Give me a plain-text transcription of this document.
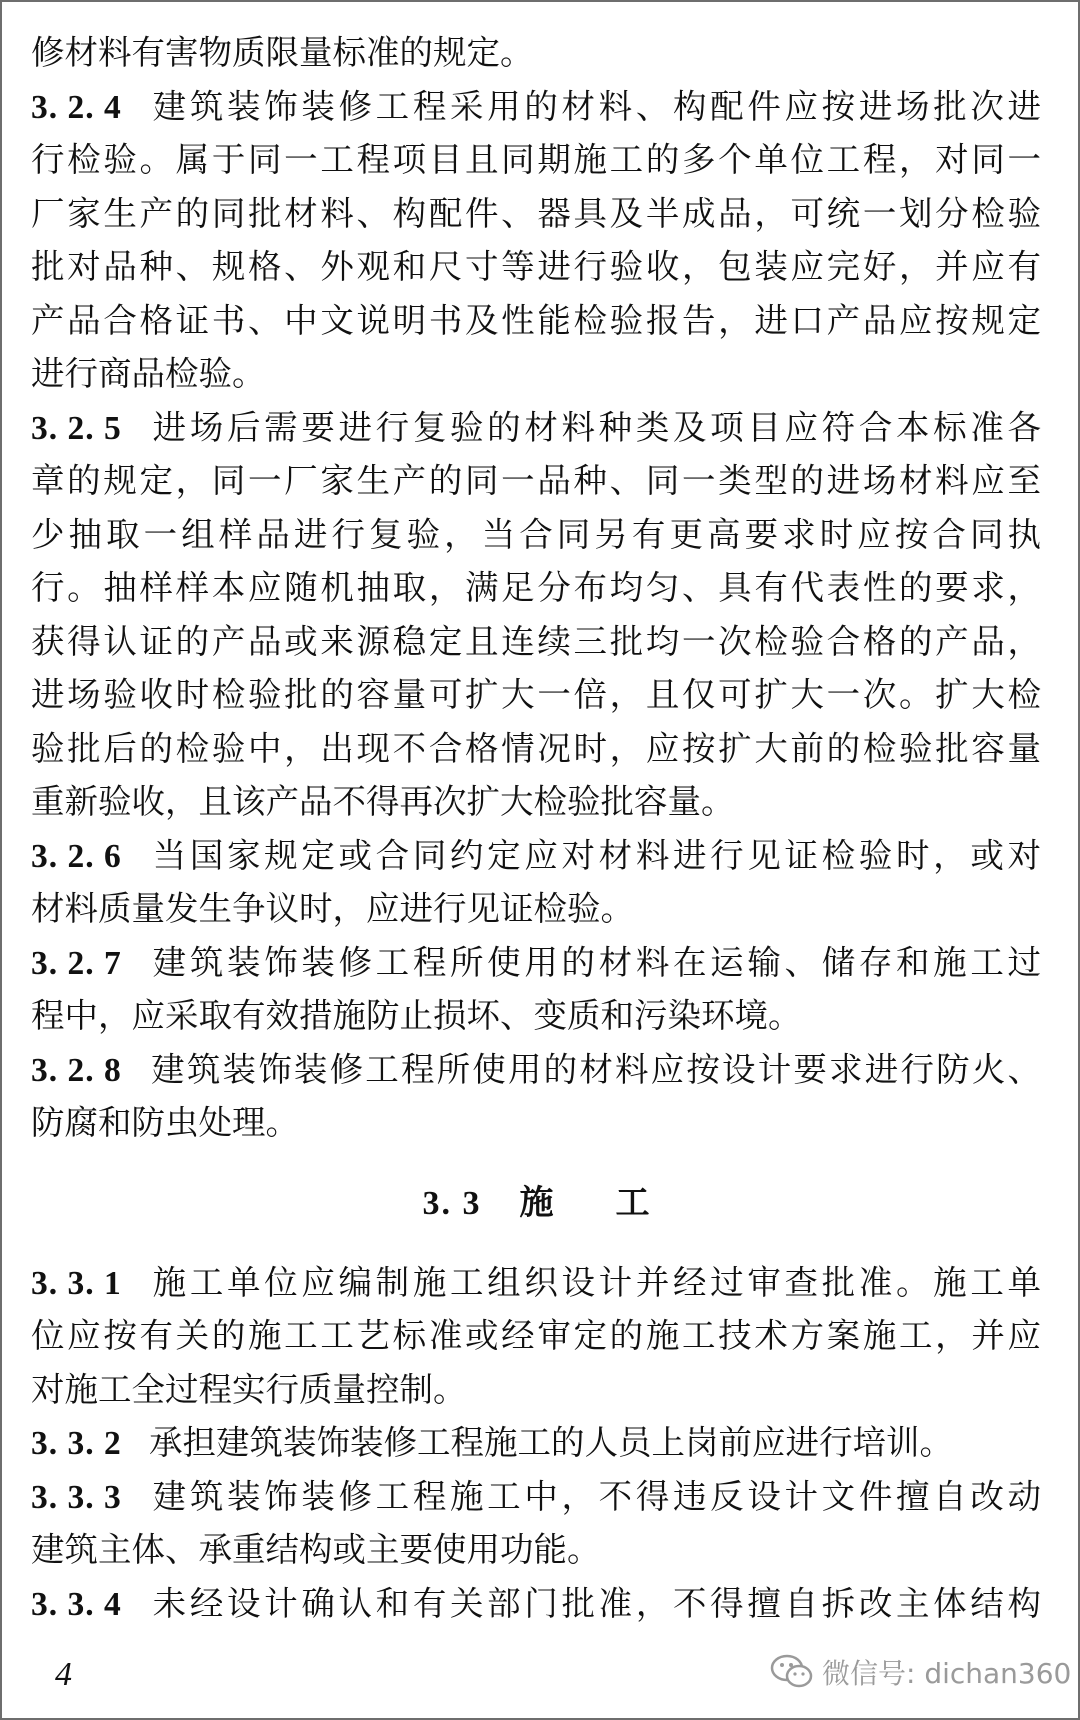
修材料有害物质限量标准的规定。
3. 2. 4 建筑装饰装修工程采用的材料、构配件应按进场批次进
行检验。属于同一工程项目且同期施工的多个单位工程，对同一
厂家生产的同批材料、构配件、器具及半成品，可统一划分检验
批对品种、规格、外观和尺寸等进行验收，包装应完好，并应有
产品合格证书、中文说明书及性能检验报告，进口产品应按规定
进行商品检验。
3. 2. 5 进场后需要进行复验的材料种类及项目应符合本标准各
章的规定，同一厂家生产的同一品种、同一类型的进场材料应至
少抽取一组样品进行复验，当合同另有更高要求时应按合同执
行。抽样样本应随机抽取，满足分布均匀、具有代表性的要求，
获得认证的产品或来源稳定且连续三批均一次检验合格的产品，
进场验收时检验批的容量可扩大一倍，且仅可扩大一次。扩大检
验批后的检验中，出现不合格情况时，应按扩大前的检验批容量
重新验收，且该产品不得再次扩大检验批容量。
3. 2. 6 当国家规定或合同约定应对材料进行见证检验时，或对
材料质量发生争议时，应进行见证检验。
3. 2. 7 建筑装饰装修工程所使用的材料在运输、储存和施工过
程中，应采取有效措施防止损坏、变质和污染环境。
3. 2. 8 建筑装饰装修工程所使用的材料应按设计要求进行防火、
防腐和防虫处理。
3. 3 施工
3. 3. 1 施工单位应编制施工组织设计并经过审查批准。施工单
位应按有关的施工工艺标准或经审定的施工技术方案施工，并应
对施工全过程实行质量控制。
3. 3. 2 承担建筑装饰装修工程施工的人员上岗前应进行培训。
3. 3. 3 建筑装饰装修工程施工中，不得违反设计文件擅自改动
建筑主体、承重结构或主要使用功能。
3. 3. 4 未经设计确认和有关部门批准，不得擅自拆改主体结构
4	微信号: dichan360
